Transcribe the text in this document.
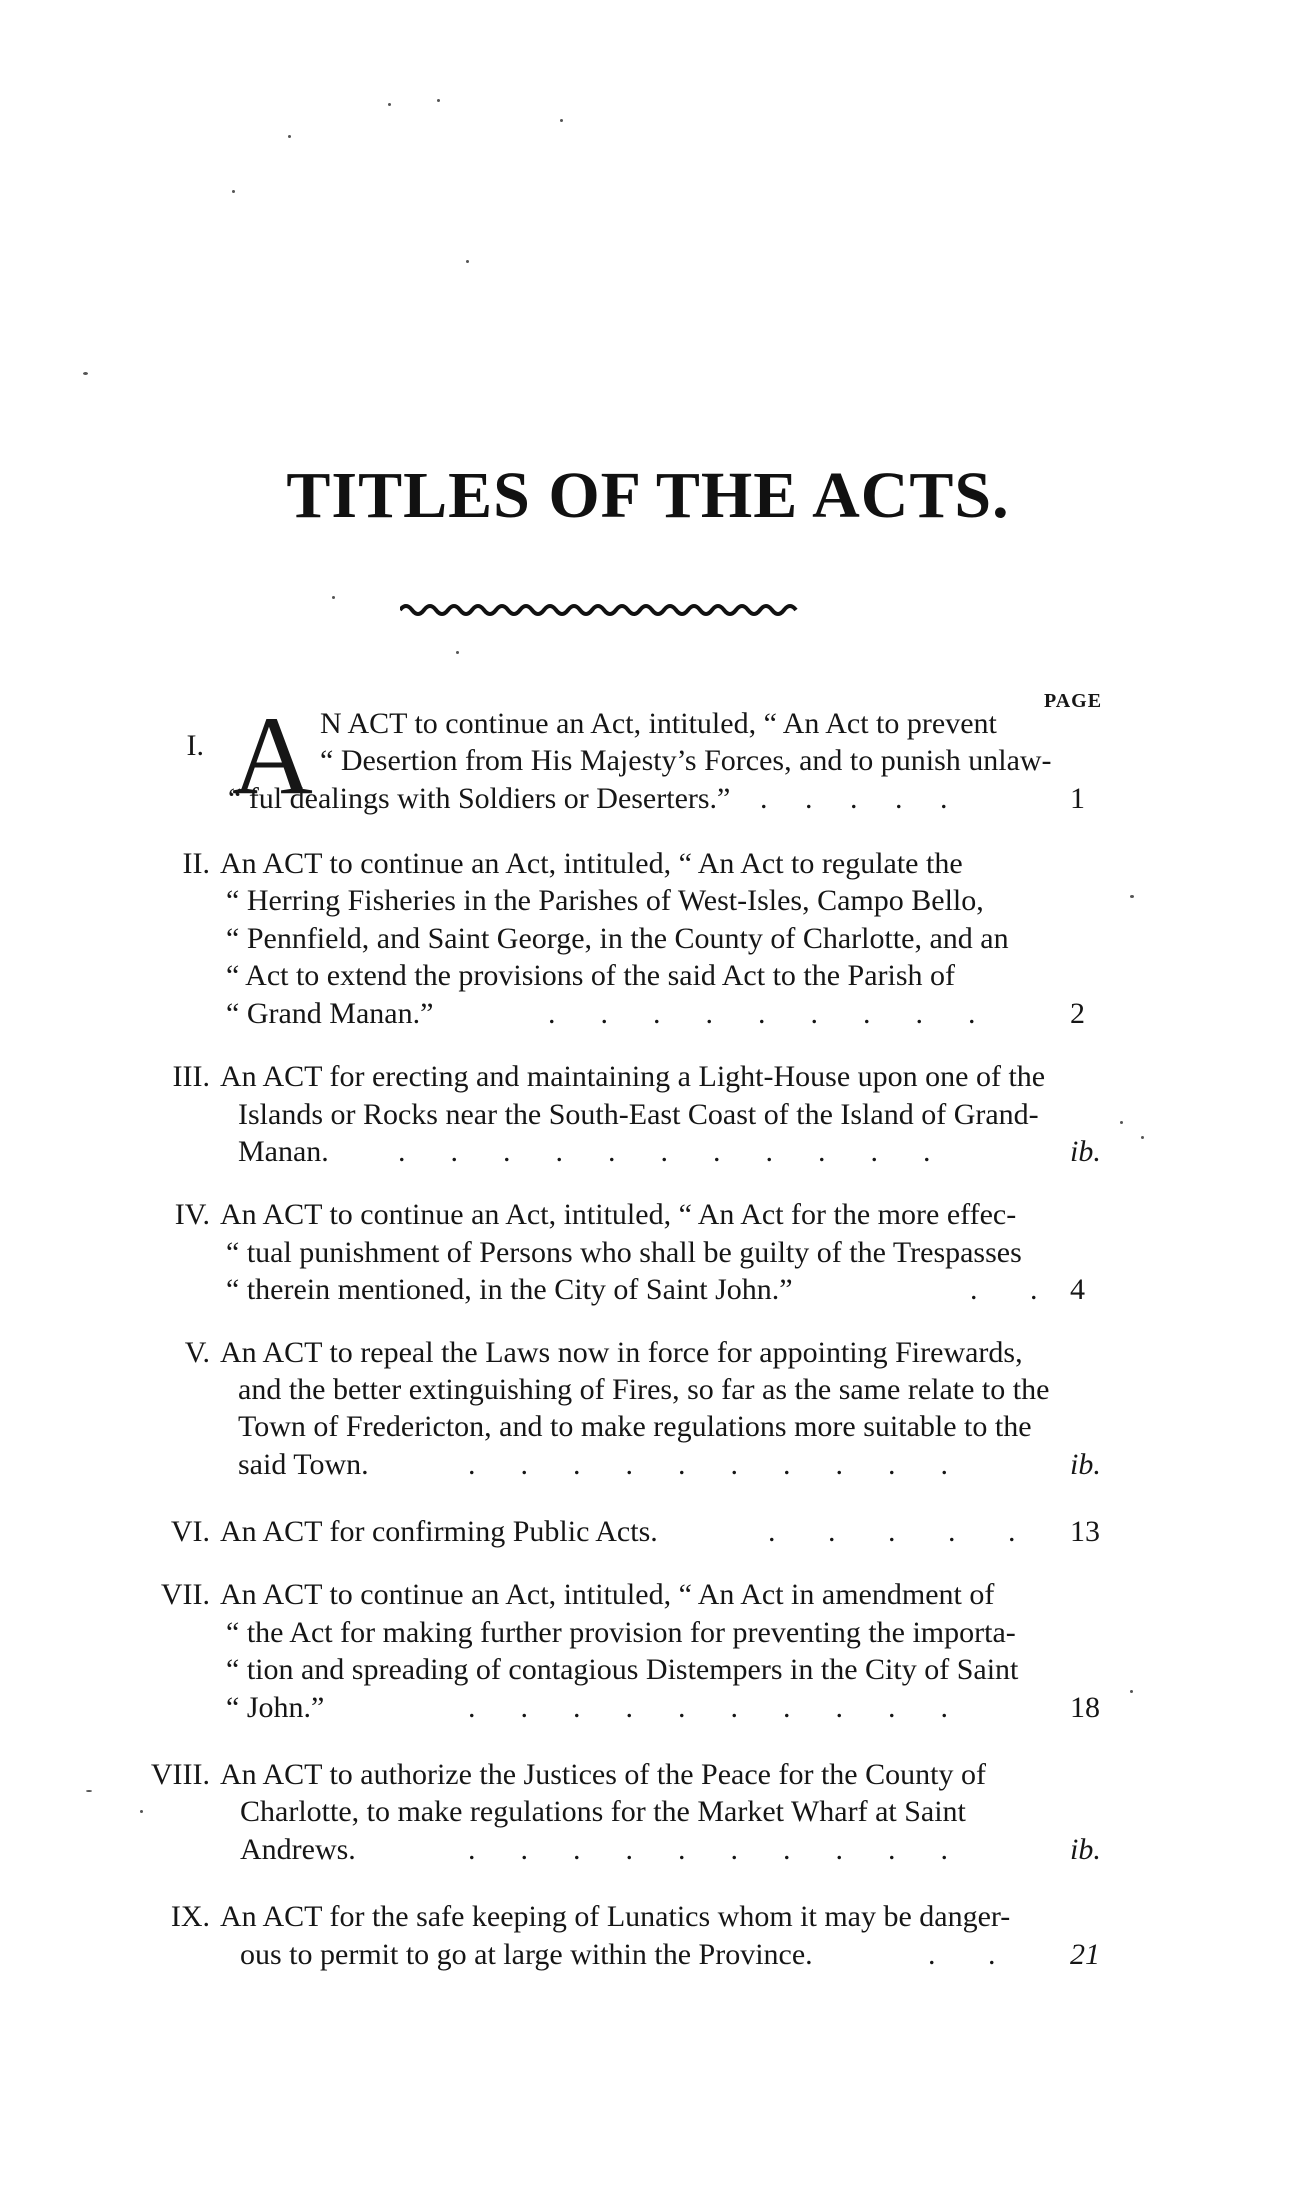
TITLES OF THE ACTS.
PAGE
I. A N ACT to continue an Act, intituled, “ An Act to prevent
“ Desertion from His Majesty’s Forces, and to punish unlaw-
“ ful dealings with Soldiers or Deserters.” .     .     .     .     .	1
II. An ACT to continue an Act, intituled, “ An Act to regulate the
“ Herring Fisheries in the Parishes of West-Isles, Campo Bello,
“ Pennfield, and Saint George, in the County of Charlotte, and an
“ Act to extend the provisions of the said Act to the Parish of
“ Grand Manan.”	.      .      .      .      .      .      .      .      .	2
III. An ACT for erecting and maintaining a Light-House upon one of the
Islands or Rocks near the South-East Coast of the Island of Grand-
Manan. .      .      .      .      .      .      .      .      .      .      .	ib.
IV. An ACT to continue an Act, intituled, “ An Act for the more effec-
“ tual punishment of Persons who shall be guilty of the Trespasses
“ therein mentioned, in the City of Saint John.”	.       . 4
V. An ACT to repeal the Laws now in force for appointing Firewards,
and the better extinguishing of Fires, so far as the same relate to the
Town of Fredericton, and to make regulations more suitable to the
said Town.	.      .      .      .      .      .      .      .      .      .	ib.
VI. An ACT for confirming Public Acts.	.       .       .       .       . 13
VII. An ACT to continue an Act, intituled, “ An Act in amendment of
“ the Act for making further provision for preventing the importa-
“ tion and spreading of contagious Distempers in the City of Saint
“ John.”	.      .      .      .      .      .      .      .      .      .	18
VIII. An ACT to authorize the Justices of the Peace for the County of
Charlotte, to make regulations for the Market Wharf at Saint
Andrews.	.      .      .      .      .      .      .      .      .      .	ib.
IX. An ACT for the safe keeping of Lunatics whom it may be danger-
ous to permit to go at large within the Province.	.       . 21
